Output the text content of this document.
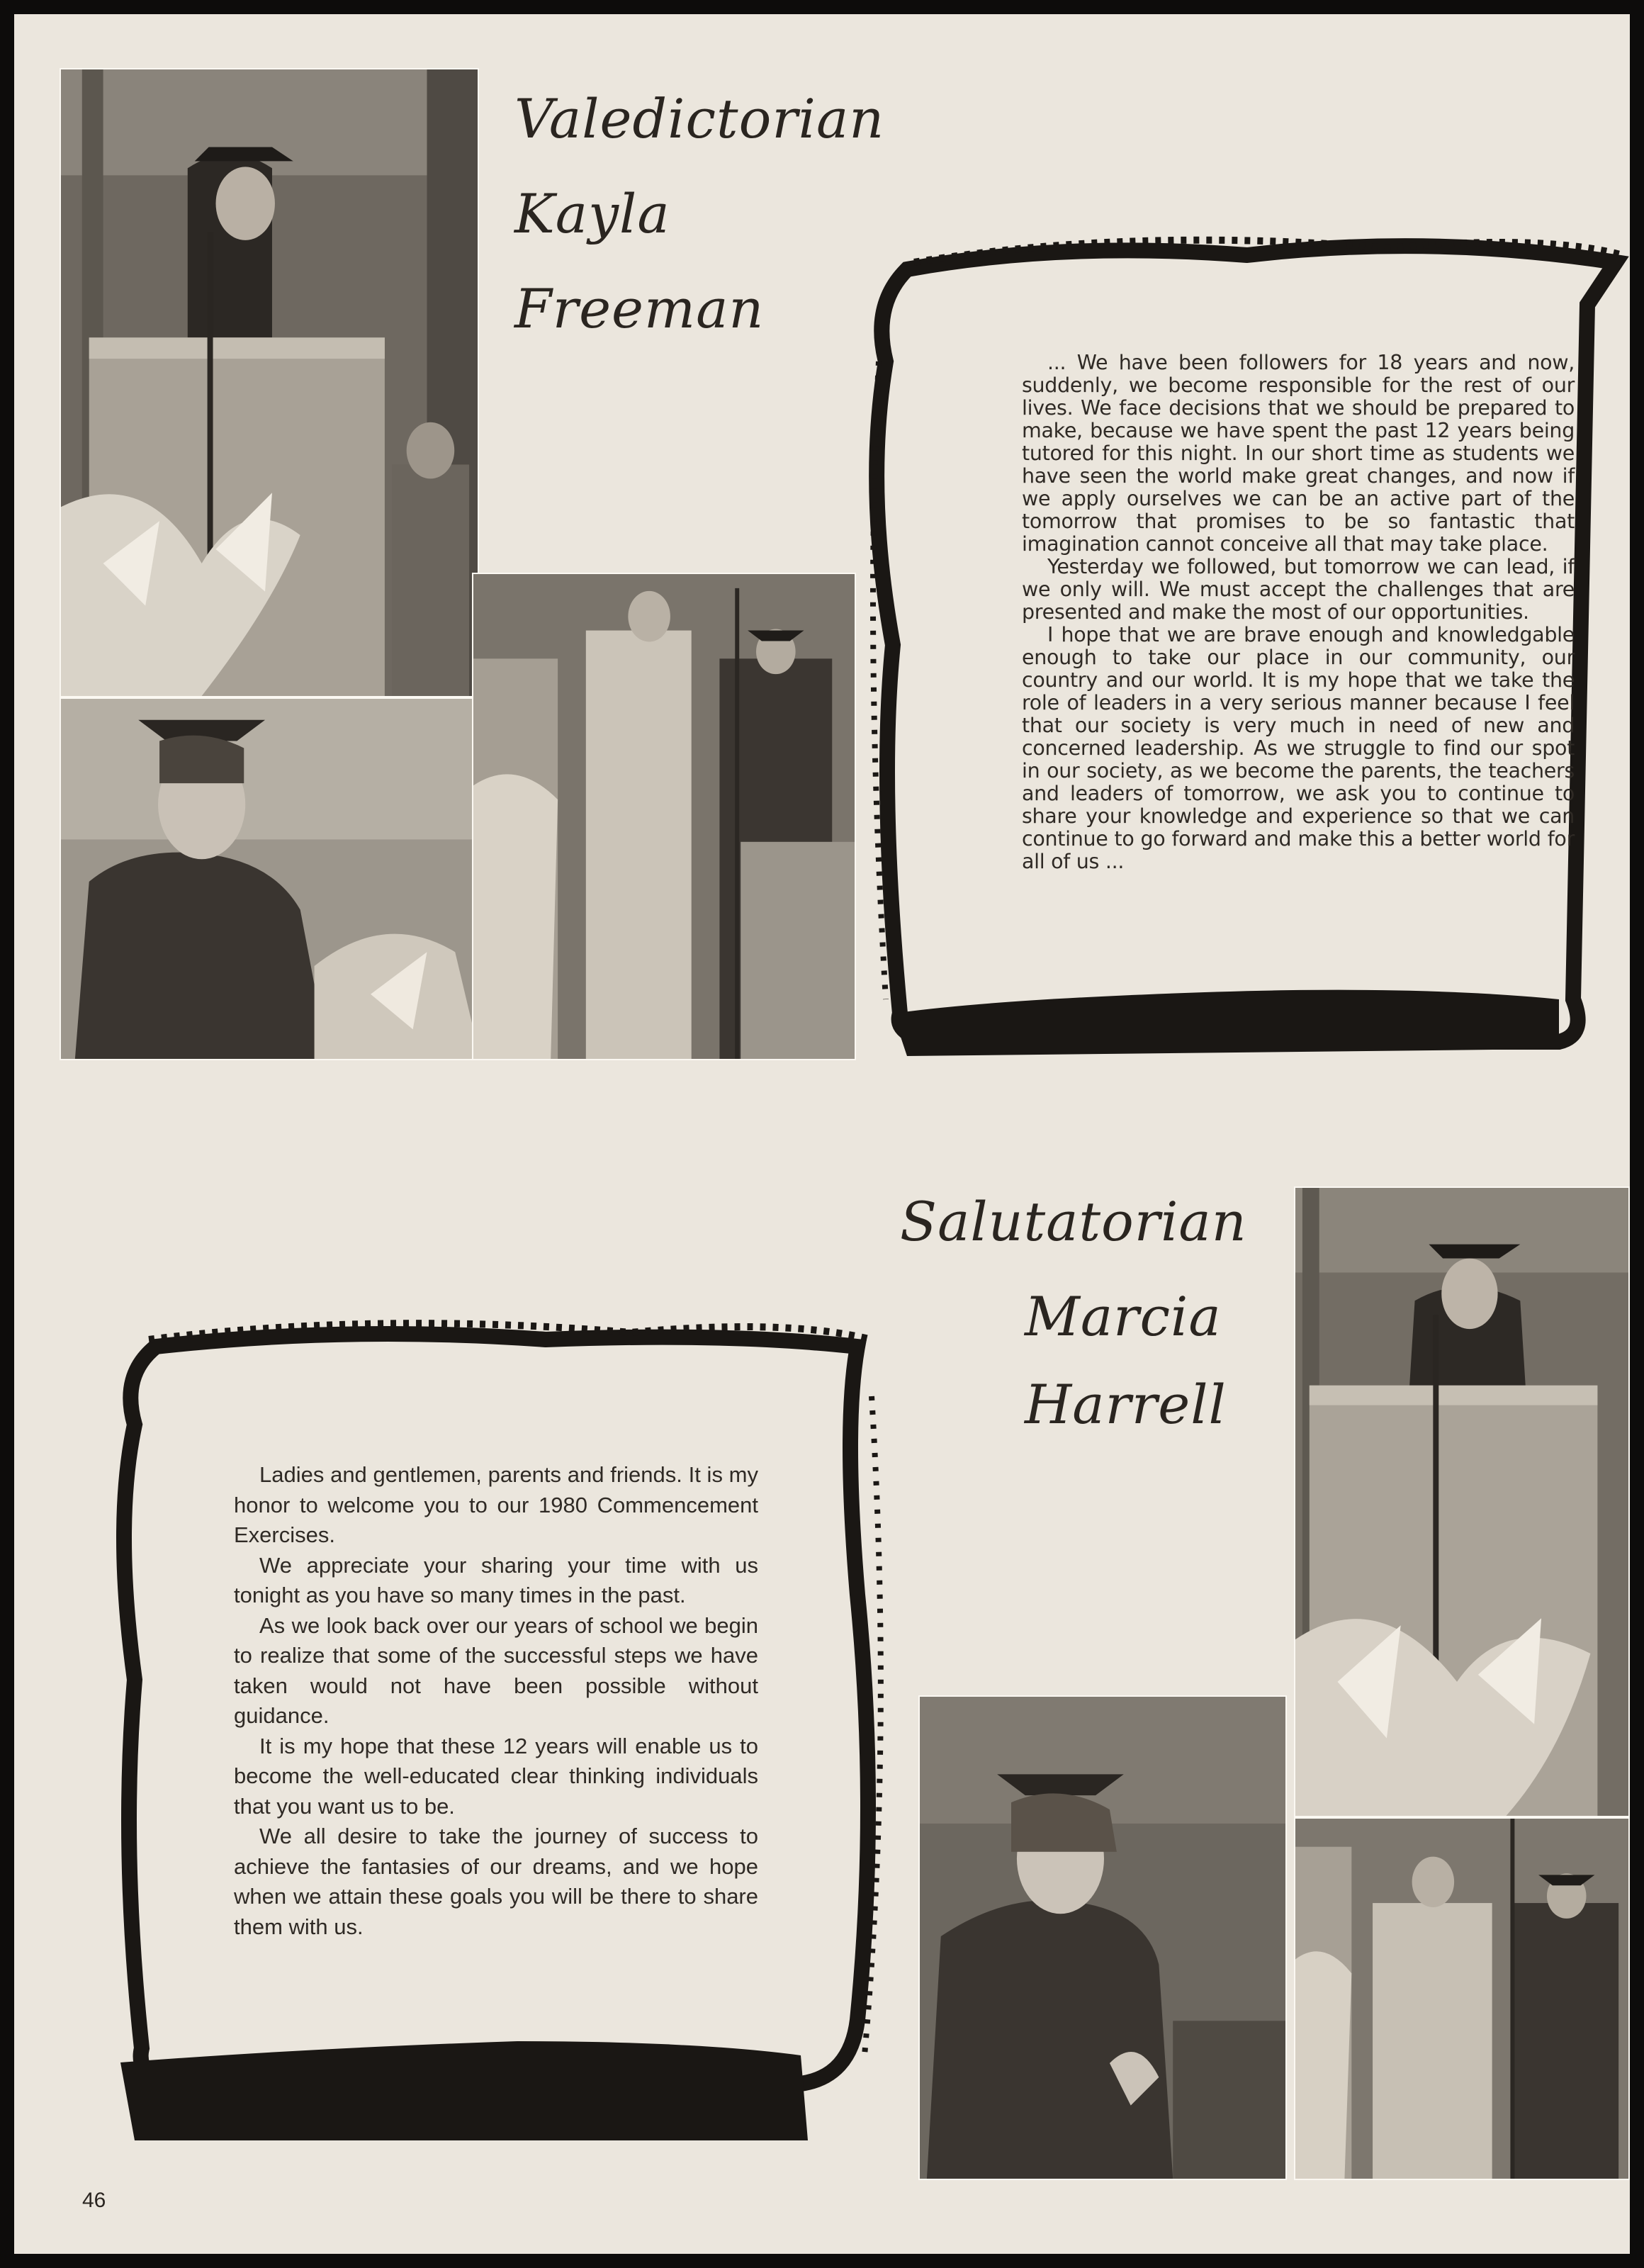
Valedictorian
Kayla
Freeman

... We have been followers for 18 years and now, suddenly, we become responsible for the rest of our lives. We face decisions that we should be prepared to make, because we have spent the past 12 years being tutored for this night. In our short time as students we have seen the world make great changes, and now if we apply ourselves we can be an active part of the tomorrow that promises to be so fantastic that imagination cannot conceive all that may take place.

Yesterday we followed, but tomorrow we can lead, if we only will. We must accept the challenges that are presented and make the most of our opportunities.

I hope that we are brave enough and knowledgable enough to take our place in our community, our country and our world. It is my hope that we take the role of leaders in a very serious manner because I feel that our society is very much in need of new and concerned leadership. As we struggle to find our spot in our society, as we become the parents, the teachers and leaders of tomorrow, we ask you to continue to share your knowledge and experience so that we can continue to go forward and make this a better world for all of us ...

Salutatorian
Marcia
Harrell

Ladies and gentlemen, parents and friends. It is my honor to welcome you to our 1980 Commencement Exercises.

We appreciate your sharing your time with us tonight as you have so many times in the past.

As we look back over our years of school we begin to realize that some of the successful steps we have taken would not have been possible without guidance.

It is my hope that these 12 years will enable us to become the well-educated clear thinking individuals that you want us to be.

We all desire to take the journey of success to achieve the fantasies of our dreams, and we hope when we attain these goals you will be there to share them with us.

46
